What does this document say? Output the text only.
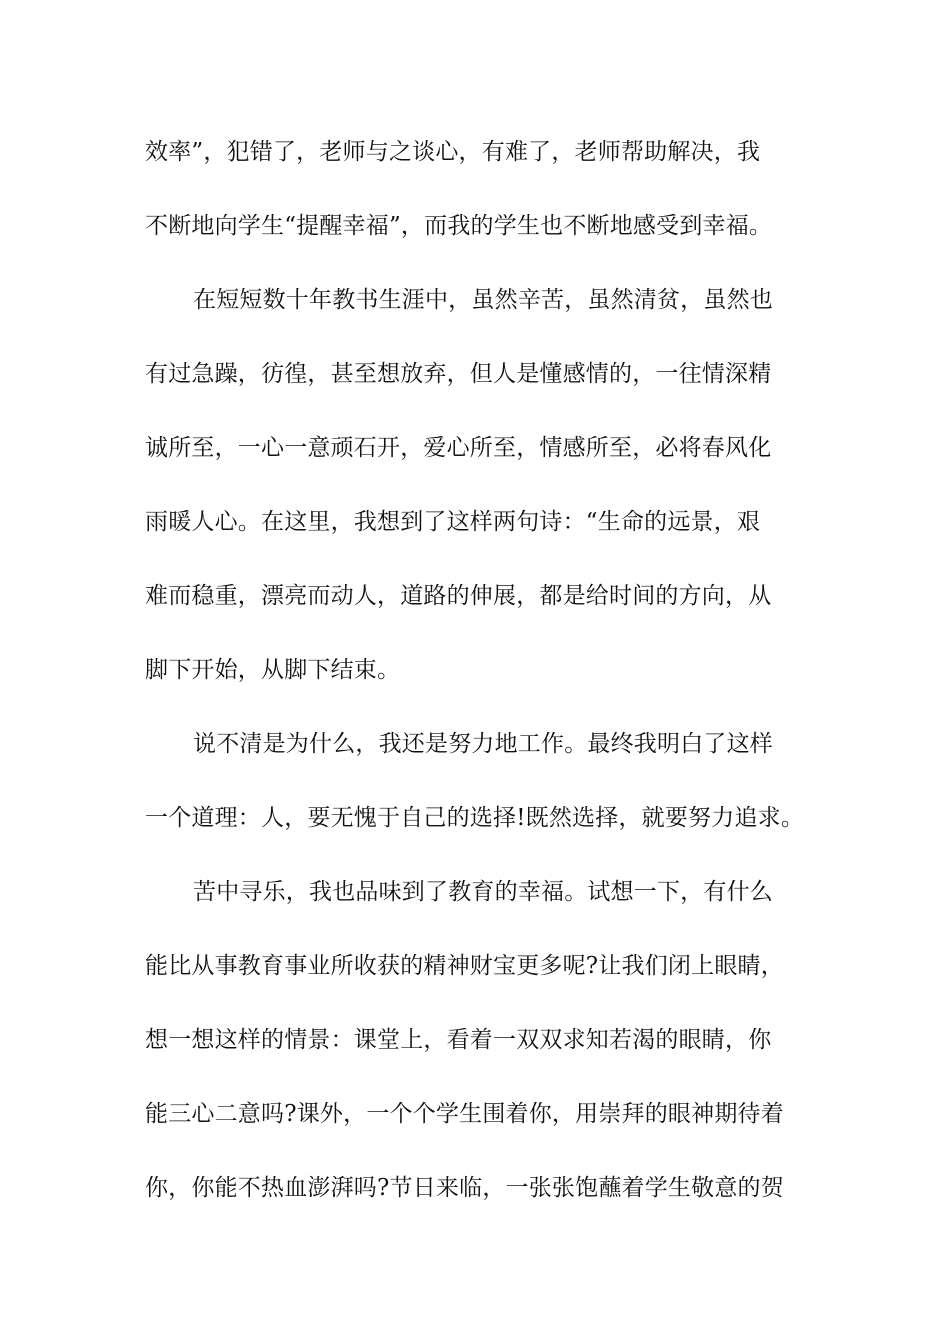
效率”，犯错了，老师与之谈心，有难了，老师帮助解决，我
不断地向学生“提醒幸福”，而我的学生也不断地感受到幸福。
在短短数十年教书生涯中，虽然辛苦，虽然清贫，虽然也
有过急躁，彷徨，甚至想放弃，但人是懂感情的，一往情深精
诚所至，一心一意顽石开，爱心所至，情感所至，必将春风化
雨暖人心。在这里，我想到了这样两句诗：“生命的远景，艰
难而稳重，漂亮而动人，道路的伸展，都是给时间的方向，从
脚下开始，从脚下结束。
说不清是为什么，我还是努力地工作。最终我明白了这样
一个道理：人，要无愧于自己的选择!既然选择，就要努力追求。
苦中寻乐，我也品味到了教育的幸福。试想一下，有什么
能比从事教育事业所收获的精神财宝更多呢?让我们闭上眼睛，
想一想这样的情景：课堂上，看着一双双求知若渴的眼睛，你
能三心二意吗?课外，一个个学生围着你，用崇拜的眼神期待着
你，你能不热血澎湃吗?节日来临，一张张饱蘸着学生敬意的贺
